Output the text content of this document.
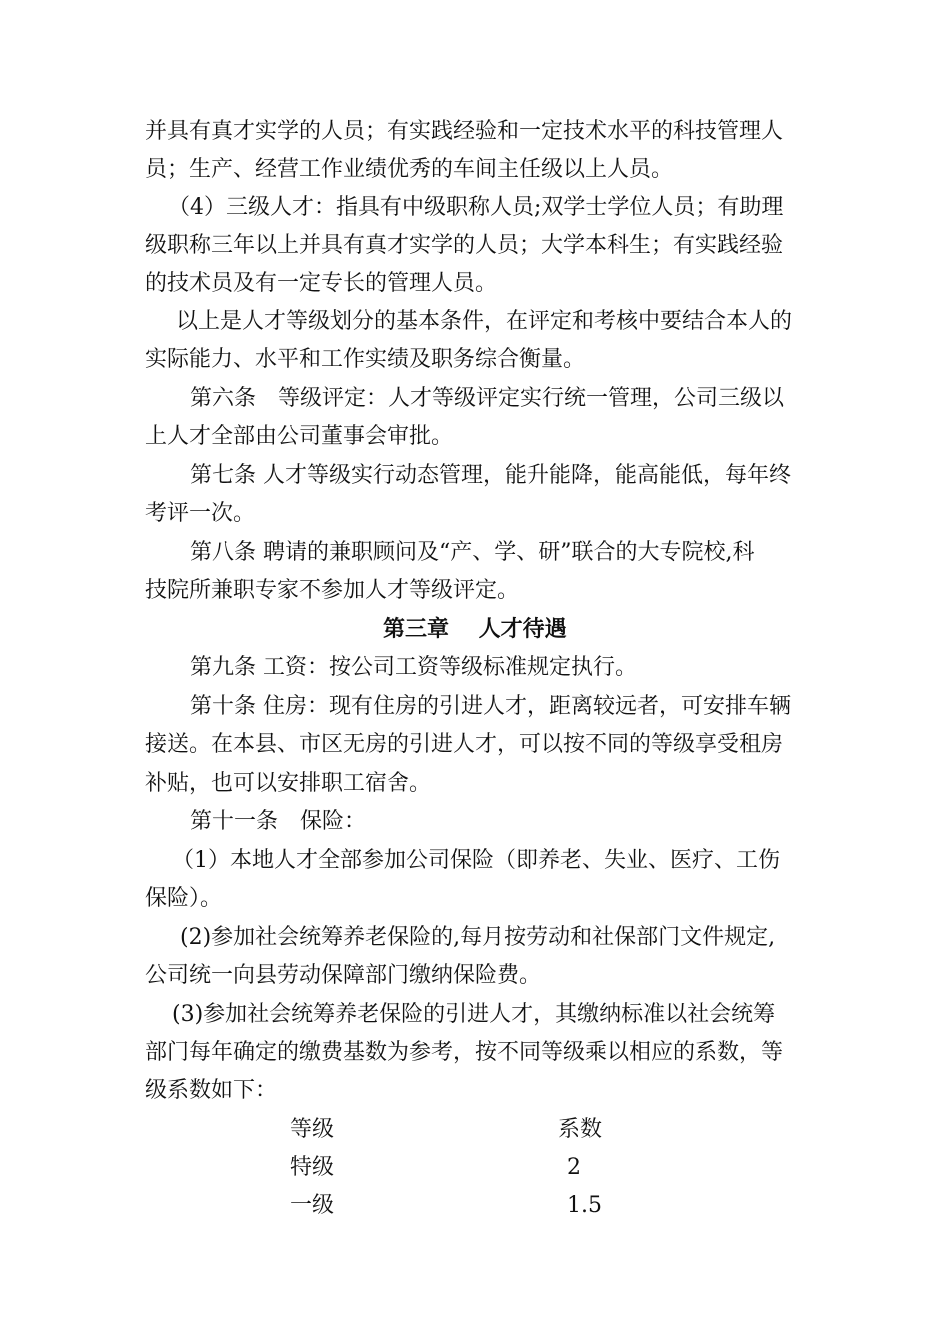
并具有真才实学的人员；有实践经验和一定技术水平的科技管理人
员；生产、经营工作业绩优秀的车间主任级以上人员。
（4）三级人才：指具有中级职称人员;双学士学位人员；有助理
级职称三年以上并具有真才实学的人员；大学本科生；有实践经验
的技术员及有一定专长的管理人员。
以上是人才等级划分的基本条件，在评定和考核中要结合本人的
实际能力、水平和工作实绩及职务综合衡量。
第六条　等级评定：人才等级评定实行统一管理，公司三级以
上人才全部由公司董事会审批。
第七条 人才等级实行动态管理，能升能降，能高能低，每年终
考评一次。
第八条 聘请的兼职顾问及“产、学、研”联合的大专院校,科
技院所兼职专家不参加人才等级评定。
第三章　 人才待遇
第九条 工资：按公司工资等级标准规定执行。
第十条 住房：现有住房的引进人才，距离较远者，可安排车辆
接送。在本县、市区无房的引进人才，可以按不同的等级享受租房
补贴，也可以安排职工宿舍。
第十一条　保险：
（1）本地人才全部参加公司保险（即养老、失业、医疗、工伤
保险）。
(2)参加社会统筹养老保险的,每月按劳动和社保部门文件规定,
公司统一向县劳动保障部门缴纳保险费。
(3)参加社会统筹养老保险的引进人才，其缴纳标准以社会统筹
部门每年确定的缴费基数为参考，按不同等级乘以相应的系数，等
级系数如下：
等级	系数
特级	2
一级	1.5
